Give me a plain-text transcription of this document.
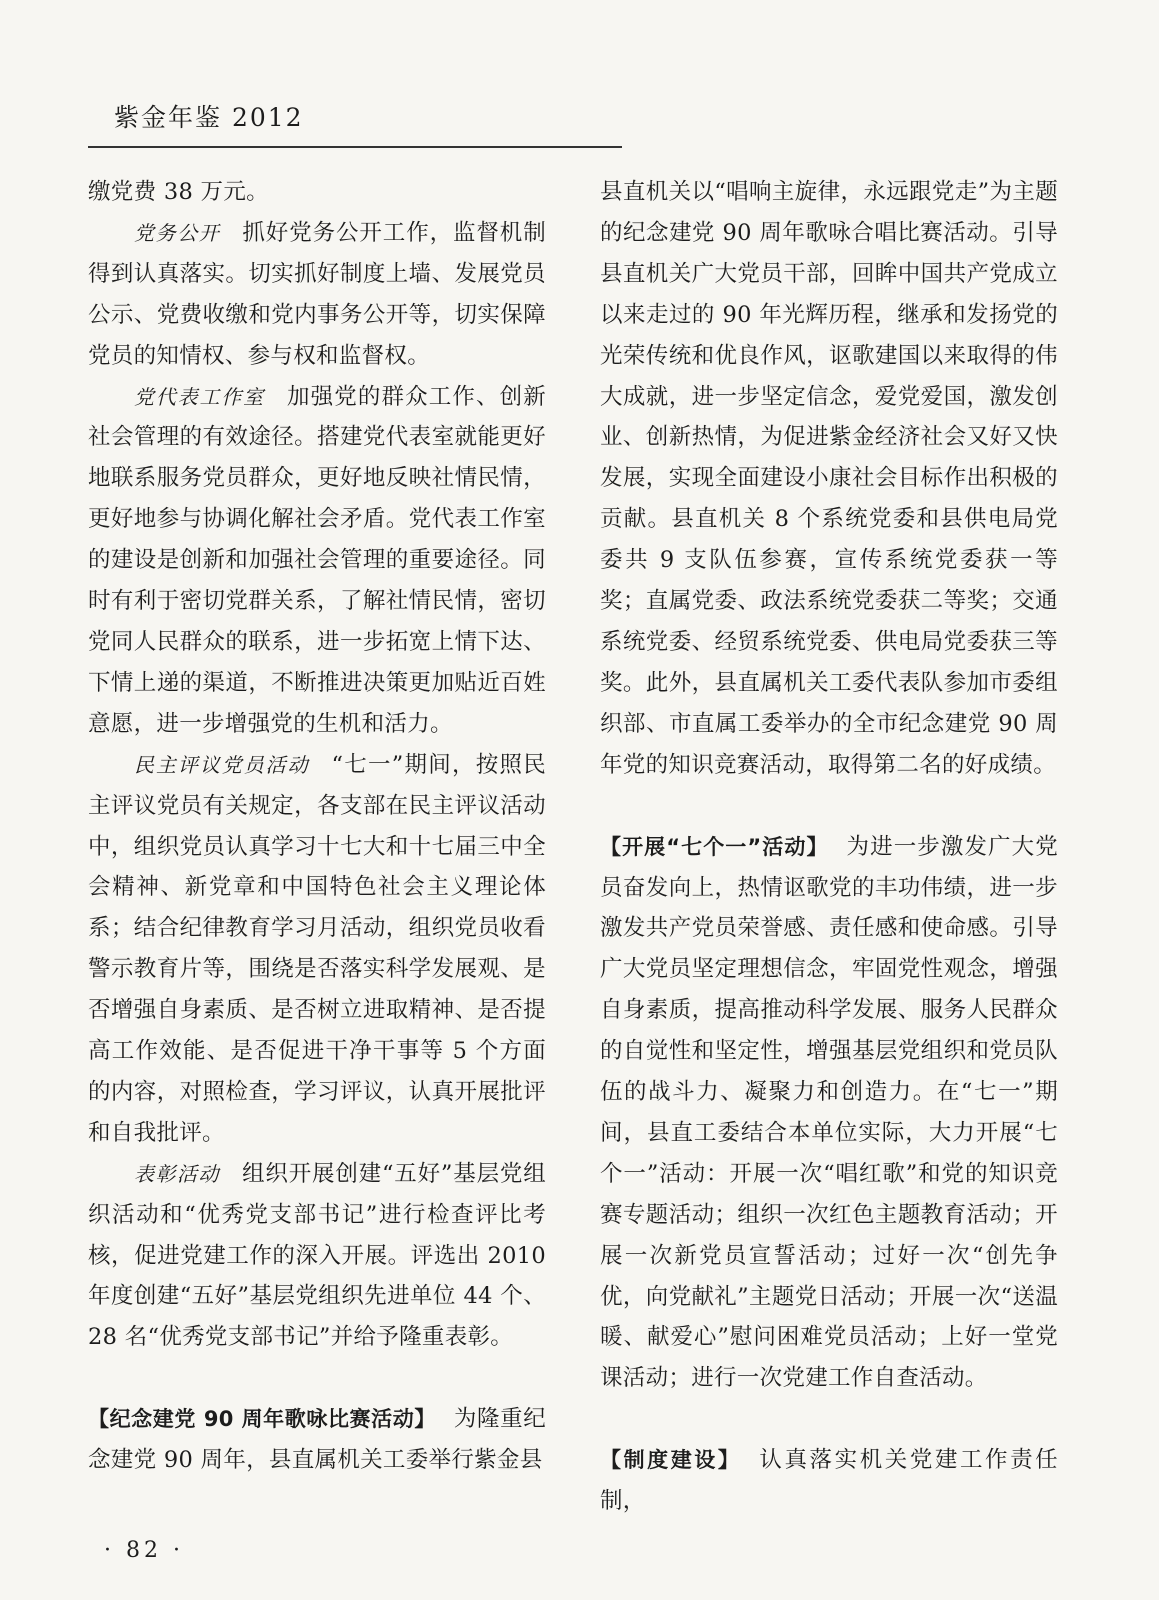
紫金年鉴 2012

缴党费 38 万元。

党务公开 抓好党务公开工作，监督机制得到认真落实。切实抓好制度上墙、发展党员公示、党费收缴和党内事务公开等，切实保障党员的知情权、参与权和监督权。

党代表工作室 加强党的群众工作、创新社会管理的有效途径。搭建党代表室就能更好地联系服务党员群众，更好地反映社情民情，更好地参与协调化解社会矛盾。党代表工作室的建设是创新和加强社会管理的重要途径。同时有利于密切党群关系，了解社情民情，密切党同人民群众的联系，进一步拓宽上情下达、下情上递的渠道，不断推进决策更加贴近百姓意愿，进一步增强党的生机和活力。

民主评议党员活动 “七一”期间，按照民主评议党员有关规定，各支部在民主评议活动中，组织党员认真学习十七大和十七届三中全会精神、新党章和中国特色社会主义理论体系；结合纪律教育学习月活动，组织党员收看警示教育片等，围绕是否落实科学发展观、是否增强自身素质、是否树立进取精神、是否提高工作效能、是否促进干净干事等 5 个方面的内容，对照检查，学习评议，认真开展批评和自我批评。

表彰活动 组织开展创建“五好”基层党组织活动和“优秀党支部书记”进行检查评比考核，促进党建工作的深入开展。评选出 2010 年度创建“五好”基层党组织先进单位 44 个、28 名“优秀党支部书记”并给予隆重表彰。

【纪念建党 90 周年歌咏比赛活动】 为隆重纪念建党 90 周年，县直属机关工委举行紫金县

县直机关以“唱响主旋律，永远跟党走”为主题的纪念建党 90 周年歌咏合唱比赛活动。引导县直机关广大党员干部，回眸中国共产党成立以来走过的 90 年光辉历程，继承和发扬党的光荣传统和优良作风，讴歌建国以来取得的伟大成就，进一步坚定信念，爱党爱国，激发创业、创新热情，为促进紫金经济社会又好又快发展，实现全面建设小康社会目标作出积极的贡献。县直机关 8 个系统党委和县供电局党委共 9 支队伍参赛，宣传系统党委获一等奖；直属党委、政法系统党委获二等奖；交通系统党委、经贸系统党委、供电局党委获三等奖。此外，县直属机关工委代表队参加市委组织部、市直属工委举办的全市纪念建党 90 周年党的知识竞赛活动，取得第二名的好成绩。

【开展“七个一”活动】 为进一步激发广大党员奋发向上，热情讴歌党的丰功伟绩，进一步激发共产党员荣誉感、责任感和使命感。引导广大党员坚定理想信念，牢固党性观念，增强自身素质，提高推动科学发展、服务人民群众的自觉性和坚定性，增强基层党组织和党员队伍的战斗力、凝聚力和创造力。在“七一”期间，县直工委结合本单位实际，大力开展“七个一”活动：开展一次“唱红歌”和党的知识竞赛专题活动；组织一次红色主题教育活动；开展一次新党员宣誓活动；过好一次“创先争优，向党献礼”主题党日活动；开展一次“送温暖、献爱心”慰问困难党员活动；上好一堂党课活动；进行一次党建工作自查活动。

【制度建设】 认真落实机关党建工作责任制，

· 82 ·
